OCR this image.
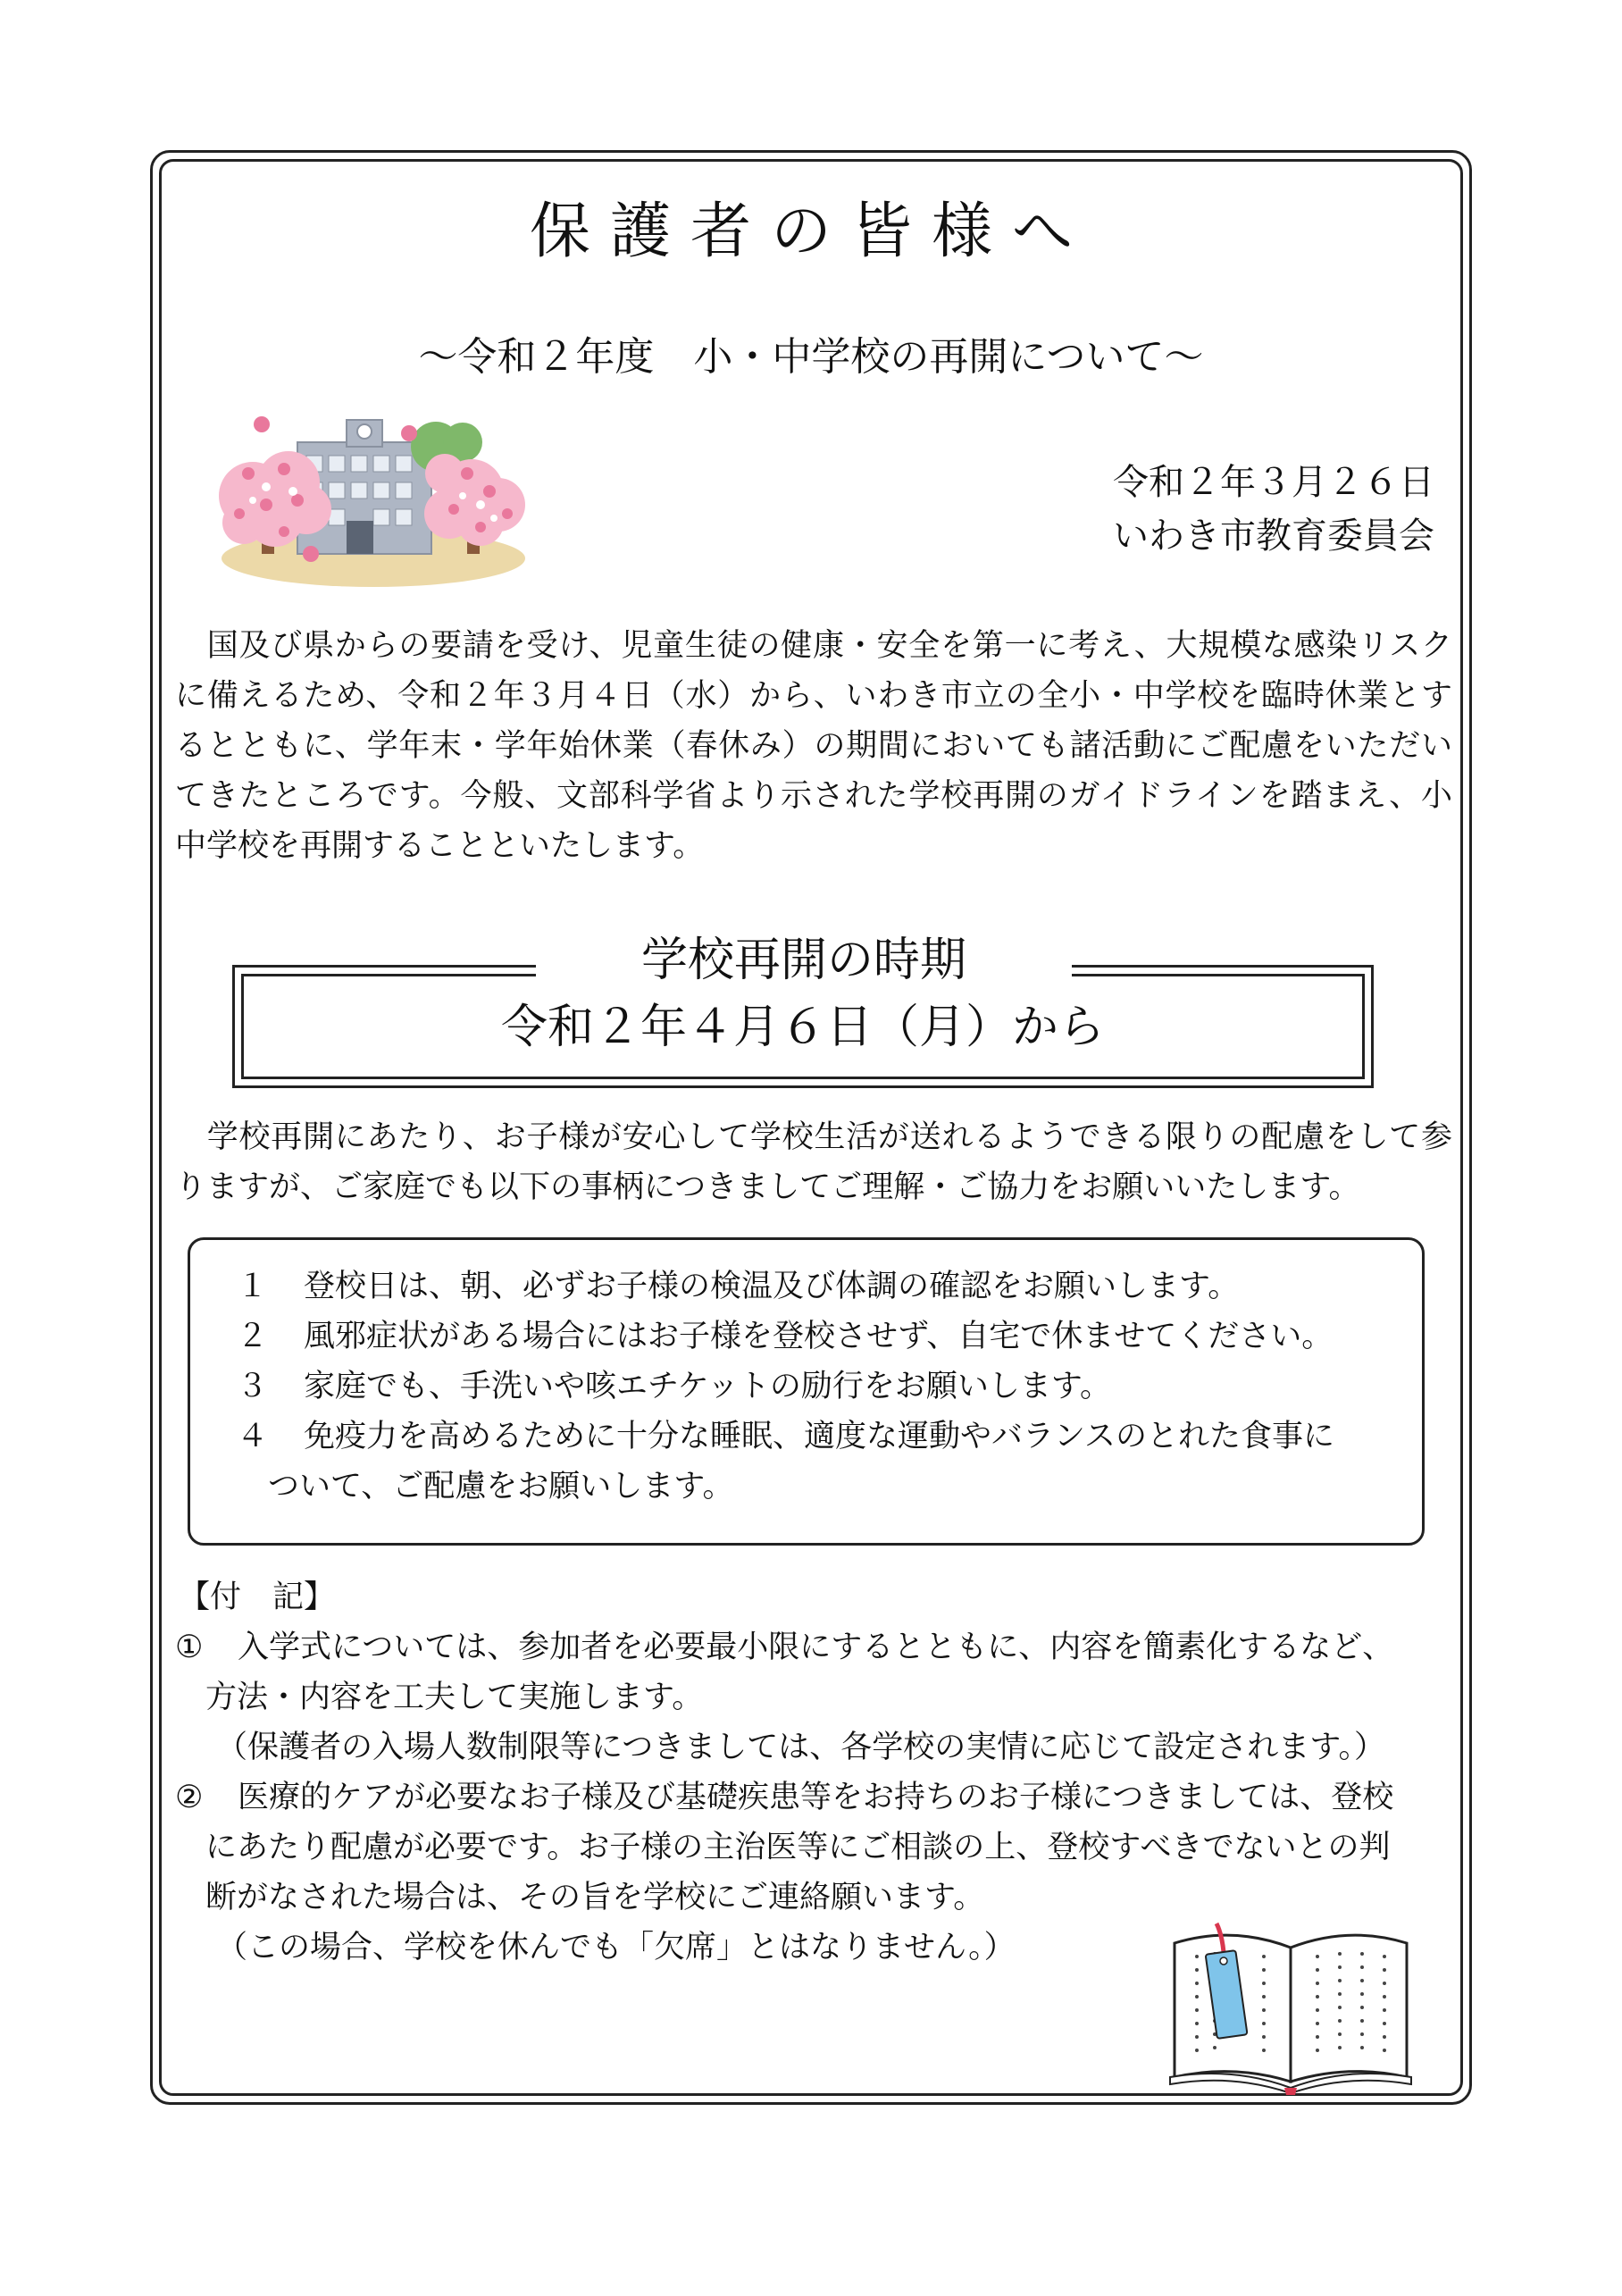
保護者の皆様へ
～令和２年度　小・中学校の再開について～
令和２年３月２６日
いわき市教育委員会
　国及び県からの要請を受け、児童生徒の健康・安全を第一に考え、大規模な感染リスクに備えるため、令和２年３月４日（水）から、いわき市立の全小・中学校を臨時休業とするとともに、学年末・学年始休業（春休み）の期間においても諸活動にご配慮をいただいてきたところです。今般、文部科学省より示された学校再開のガイドラインを踏まえ、小中学校を再開することといたします。
学校再開の時期
令和２年４月６日（月）から
　学校再開にあたり、お子様が安心して学校生活が送れるようできる限りの配慮をして参りますが、ご家庭でも以下の事柄につきましてご理解・ご協力をお願いいたします。
１	登校日は、朝、必ずお子様の検温及び体調の確認をお願いします。
２	風邪症状がある場合にはお子様を登校させず、自宅で休ませてください。
３	家庭でも、手洗いや咳エチケットの励行をお願いします。
４	免疫力を高めるために十分な睡眠、適度な運動やバランスのとれた食事に
ついて、ご配慮をお願いします。
【付　記】
①	入学式については、参加者を必要最小限にするとともに、内容を簡素化するなど、
方法・内容を工夫して実施します。
（保護者の入場人数制限等につきましては、各学校の実情に応じて設定されます。）
②	医療的ケアが必要なお子様及び基礎疾患等をお持ちのお子様につきましては、登校
にあたり配慮が必要です。お子様の主治医等にご相談の上、登校すべきでないとの判
断がなされた場合は、その旨を学校にご連絡願います。
（この場合、学校を休んでも「欠席」とはなりません。）
